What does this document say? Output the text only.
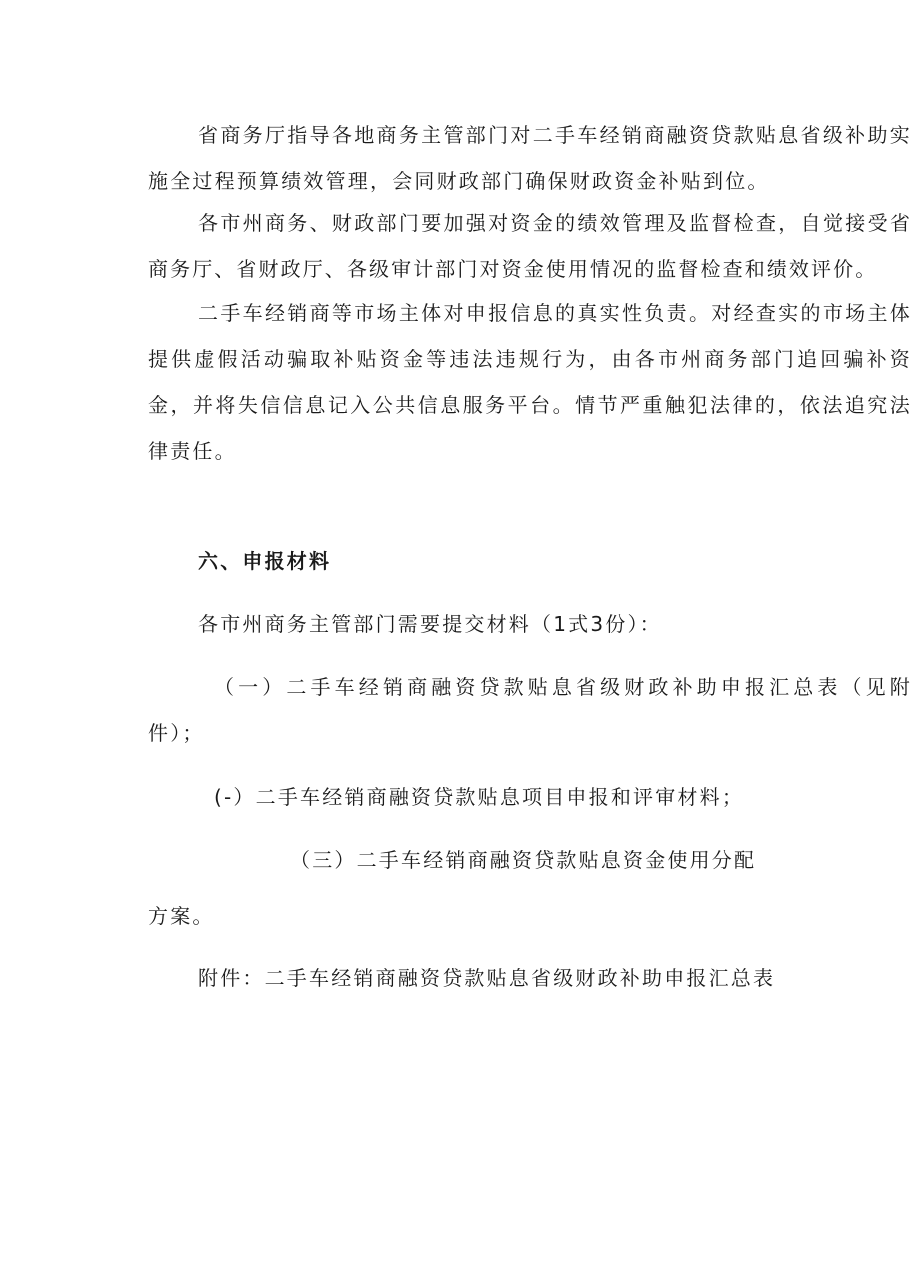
省商务厅指导各地商务主管部门对二手车经销商融资贷款贴息省级补助实施全过程预算绩效管理，会同财政部门确保财政资金补贴到位。

各市州商务、财政部门要加强对资金的绩效管理及监督检查，自觉接受省商务厅、省财政厅、各级审计部门对资金使用情况的监督检查和绩效评价。

二手车经销商等市场主体对申报信息的真实性负责。对经查实的市场主体提供虚假活动骗取补贴资金等违法违规行为，由各市州商务部门追回骗补资金，并将失信信息记入公共信息服务平台。情节严重触犯法律的，依法追究法律责任。

六、申报材料

各市州商务主管部门需要提交材料（1式3份）：

（一）二手车经销商融资贷款贴息省级财政补助申报汇总表（见附件）；

(-）二手车经销商融资贷款贴息项目申报和评审材料；

（三）二手车经销商融资贷款贴息资金使用分配

方案。

附件：二手车经销商融资贷款贴息省级财政补助申报汇总表
